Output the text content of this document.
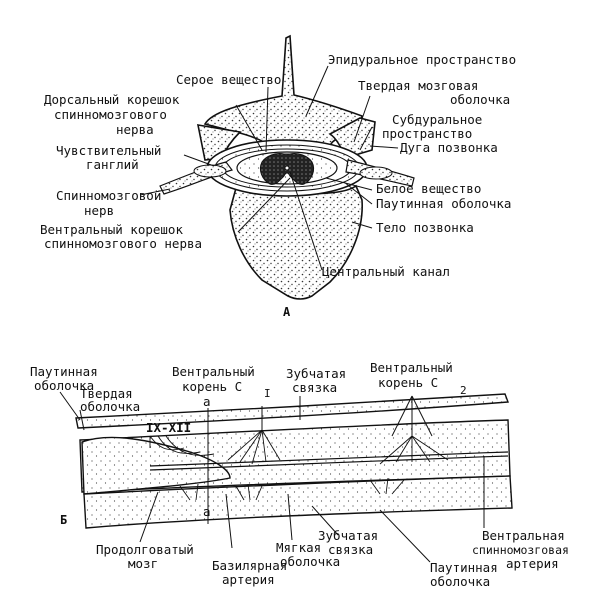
Эпидуральное пространство
Серое вещество	Твердая мозговая
оболочка
Дорсальный корешок
спинномозгового
нерва
Субдуральное
пространство
Чувствительный
ганглий
Дуга позвонка
Спинномозговой
нерв
Белое вещество
Паутинная оболочка
Вентральный корешок
спинномозгового нерва
Тело позвонка
Центральный канал
А
Паутинная
оболочка
Твердая
оболочка
Вентральный
корень С I
Зубчатая
связка
Вентральный
корень С
2
IX-XII
а
а
Б
Продолговатый
мозг	Базилярная
артерия
Мягкая
оболочка
Зубчатая
связка
Паутинная
оболочка
Вентральная
спинномозговая
артерия
